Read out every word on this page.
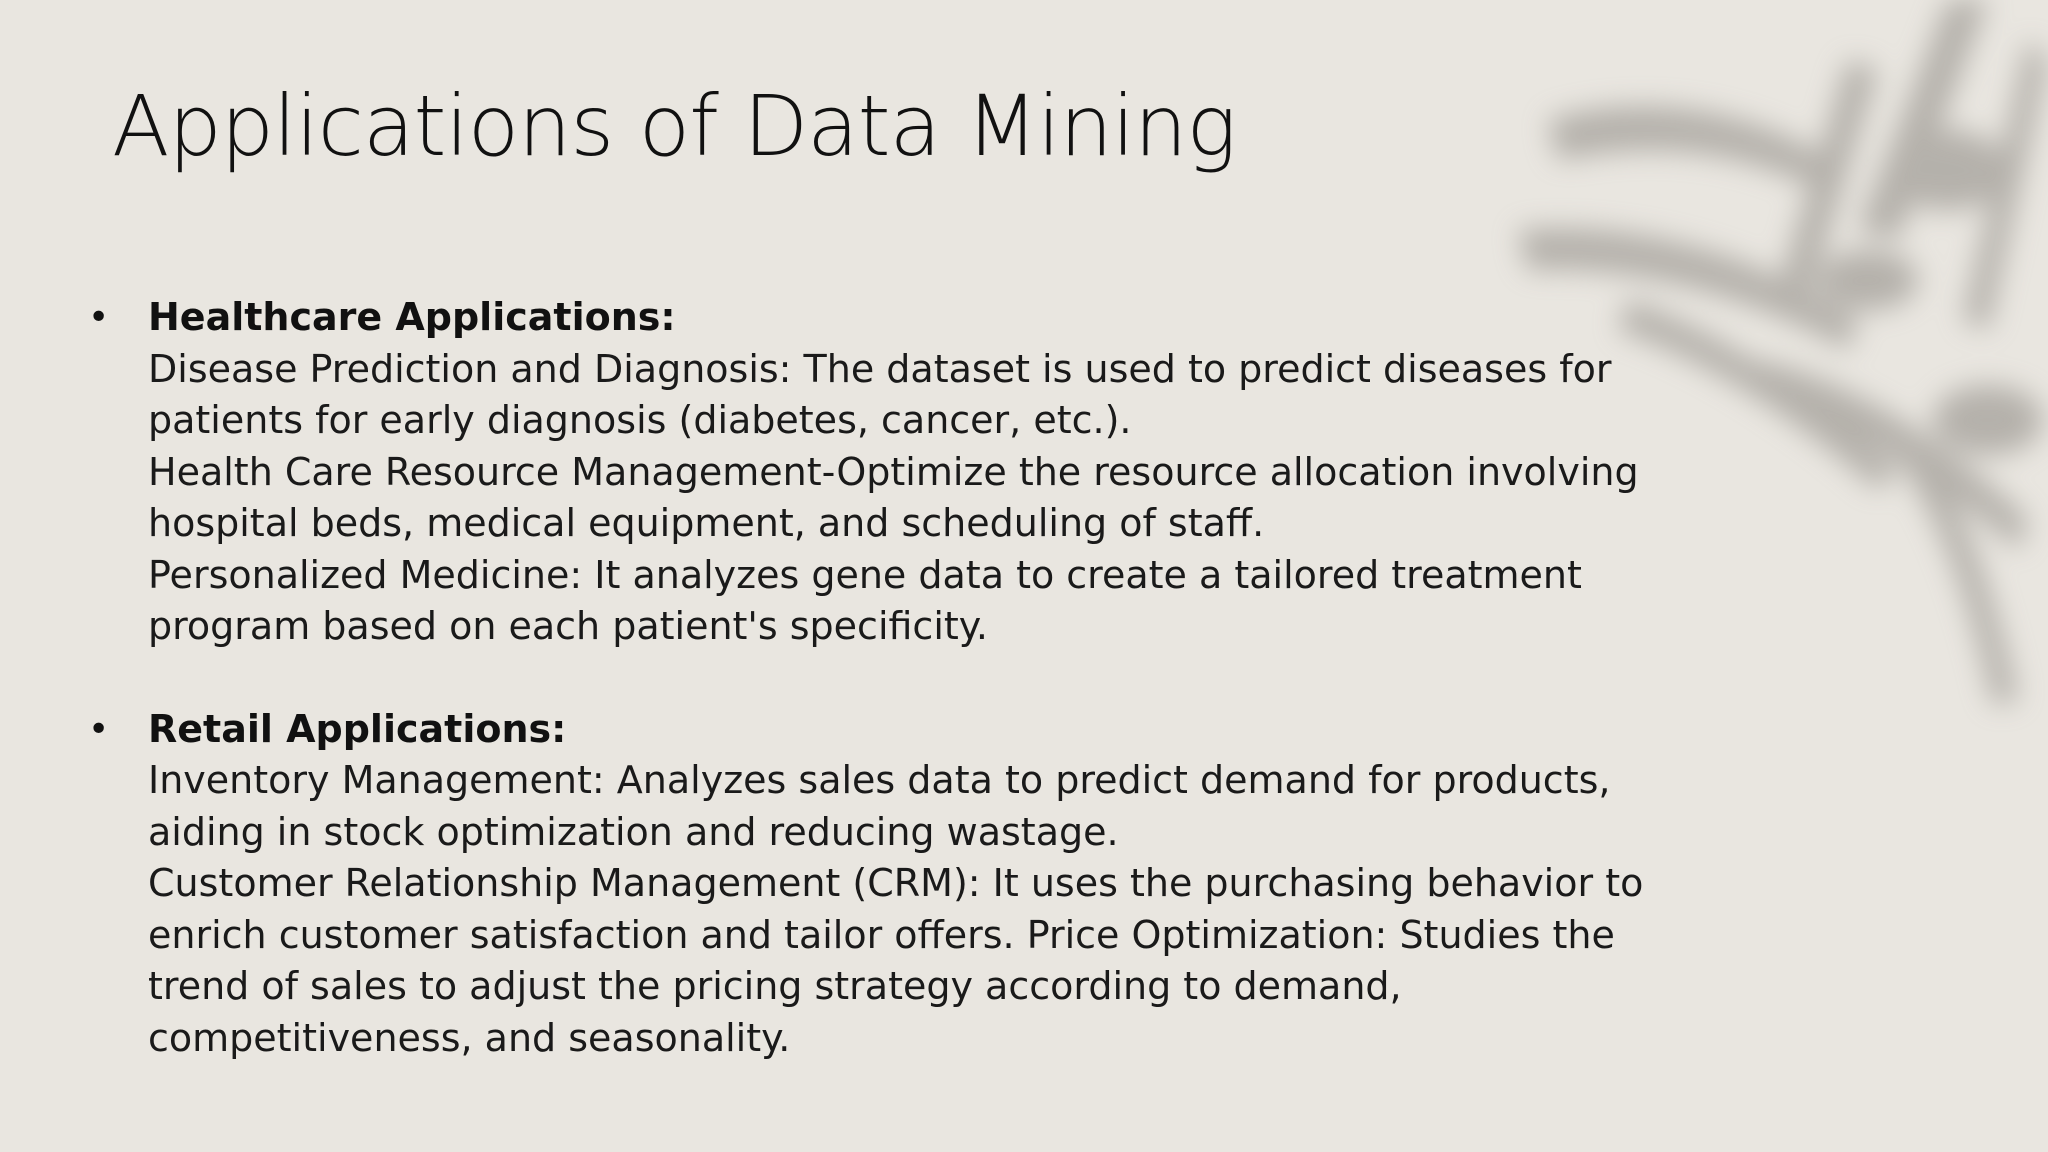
Applications of Data Mining
• Healthcare Applications:
Disease Prediction and Diagnosis: The dataset is used to predict diseases for
patients for early diagnosis (diabetes, cancer, etc.).
Health Care Resource Management-Optimize the resource allocation involving
hospital beds, medical equipment, and scheduling of staff.
Personalized Medicine: It analyzes gene data to create a tailored treatment
program based on each patient's specificity.
• Retail Applications:
Inventory Management: Analyzes sales data to predict demand for products,
aiding in stock optimization and reducing wastage.
Customer Relationship Management (CRM): It uses the purchasing behavior to
enrich customer satisfaction and tailor offers. Price Optimization: Studies the
trend of sales to adjust the pricing strategy according to demand,
competitiveness, and seasonality.
